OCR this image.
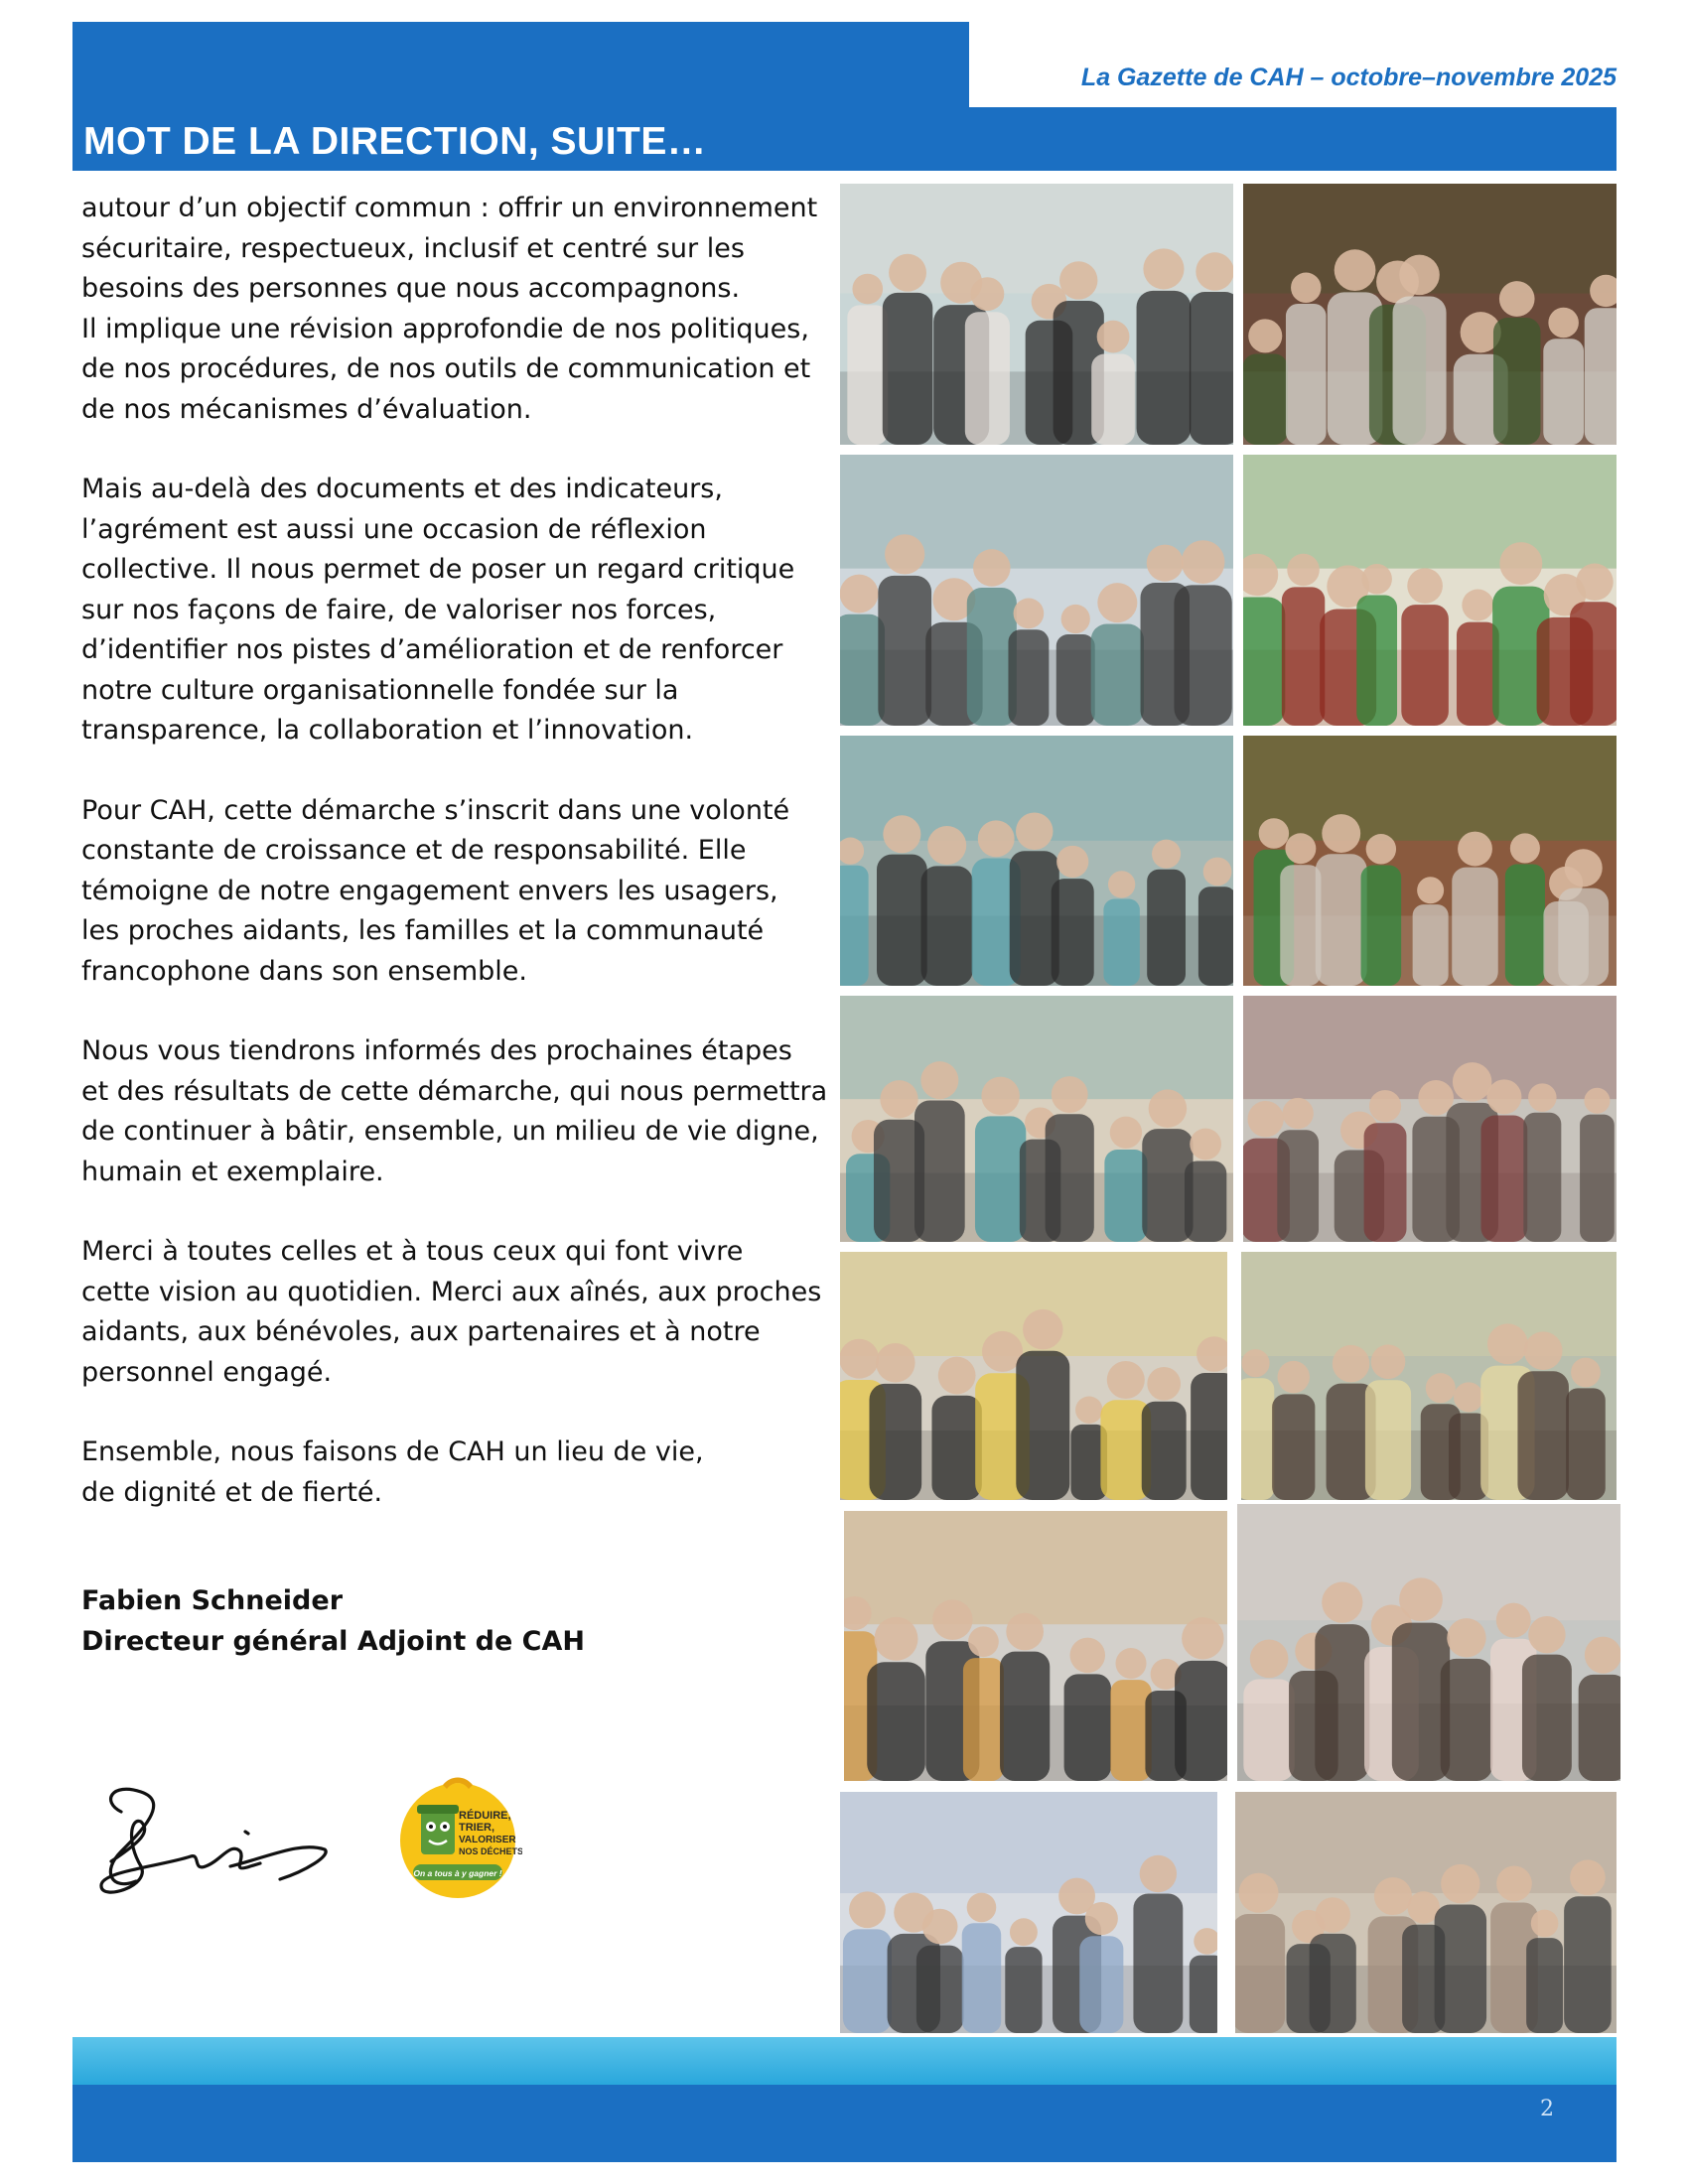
La Gazette de CAH – octobre–novembre 2025
MOT DE LA DIRECTION, SUITE…

autour d’un objectif commun : offrir un environnement
sécuritaire, respectueux, inclusif et centré sur les
besoins des personnes que nous accompagnons.
Il implique une révision approfondie de nos politiques,
de nos procédures, de nos outils de communication et
de nos mécanismes d’évaluation.

Mais au-delà des documents et des indicateurs,
l’agrément est aussi une occasion de réflexion
collective. Il nous permet de poser un regard critique
sur nos façons de faire, de valoriser nos forces,
d’identifier nos pistes d’amélioration et de renforcer
notre culture organisationnelle fondée sur la
transparence, la collaboration et l’innovation.

Pour CAH, cette démarche s’inscrit dans une volonté
constante de croissance et de responsabilité. Elle
témoigne de notre engagement envers les usagers,
les proches aidants, les familles et la communauté
francophone dans son ensemble.

Nous vous tiendrons informés des prochaines étapes
et des résultats de cette démarche, qui nous permettra
de continuer à bâtir, ensemble, un milieu de vie digne,
humain et exemplaire.

Merci à toutes celles et à tous ceux qui font vivre
cette vision au quotidien. Merci aux aînés, aux proches
aidants, aux bénévoles, aux partenaires et à notre
personnel engagé.

Ensemble, nous faisons de CAH un lieu de vie,
de dignité et de fierté.

Fabien Schneider
Directeur général Adjoint de CAH
RÉDUIRE,
TRIER,
VALORISER
NOS DÉCHETS
On a tous à y gagner !
2
